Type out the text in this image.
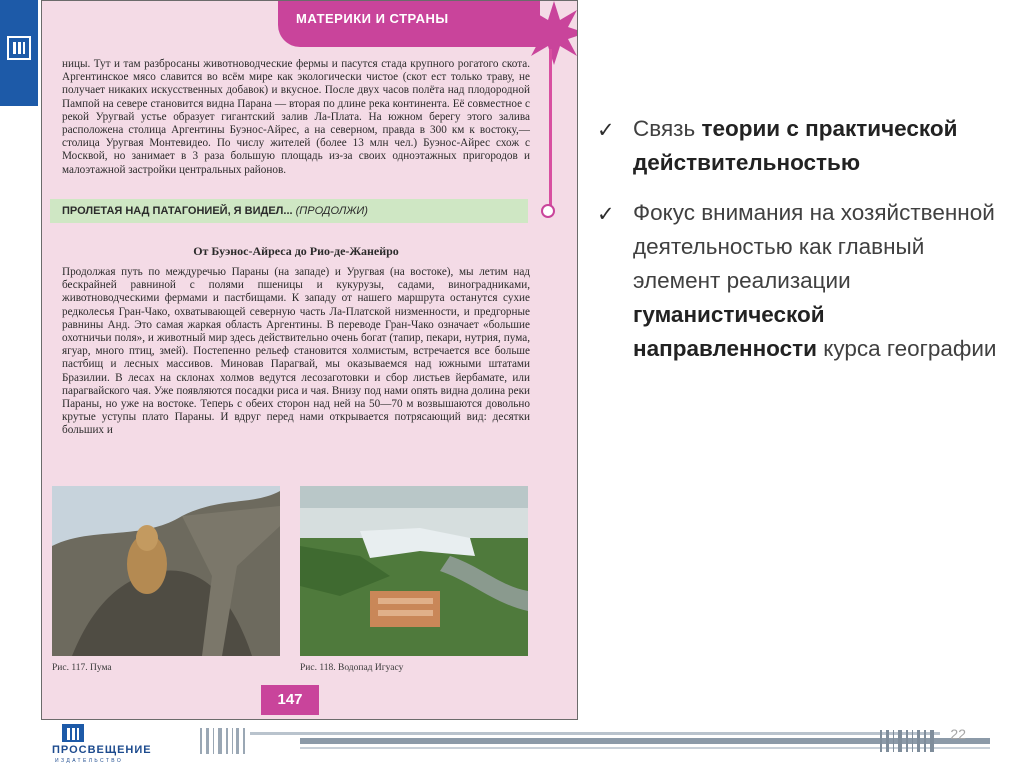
МАТЕРИКИ И СТРАНЫ

ницы. Тут и там разбросаны животноводческие фермы и пасутся стада крупного рогатого скота. Аргентинское мясо славится во всём мире как экологически чистое (скот ест только траву, не получает никаких искусственных добавок) и вкусное. После двух часов полёта над плодородной Пампой на севере становится видна Парана — вторая по длине река континента. Её совместное с рекой Уругвай устье образует гигантский залив Ла-Плата. На южном берегу этого залива расположена столица Аргентины Буэнос-Айрес, а на северном, правда в 300 км к востоку,— столица Уругвая Монтевидео. По числу жителей (более 13 млн чел.) Буэнос-Айрес схож с Москвой, но занимает в 3 раза большую площадь из-за своих одноэтажных пригородов и малоэтажной застройки центральных районов.

ПРОЛЕТАЯ НАД ПАТАГОНИЕЙ, Я ВИДЕЛ... (ПРОДОЛЖИ)
От Буэнос-Айреса до Рио-де-Жанейро

Продолжая путь по междуречью Параны (на западе) и Уругвая (на востоке), мы летим над бескрайней равниной с полями пшеницы и кукурузы, садами, виноградниками, животноводческими фермами и пастбищами. К западу от нашего маршрута останутся сухие редколесья Гран-Чако, охватывающей северную часть Ла-Платской низменности, и предгорные равнины Анд. Это самая жаркая область Аргентины. В переводе Гран-Чако означает «большие охотничьи поля», и животный мир здесь действительно очень богат (тапир, пекари, нутрия, пума, ягуар, много птиц, змей). Постепенно рельеф становится холмистым, встречается все больше пастбищ и лесных массивов. Миновав Парагвай, мы оказываемся над южными штатами Бразилии. В лесах на склонах холмов ведутся лесозаготовки и сбор листьев йербамате, или парагвайского чая. Уже появляются посадки риса и чая. Внизу под нами опять видна долина реки Параны, но уже на востоке. Теперь с обеих сторон над ней на 50—70 м возвышаются довольно крутые уступы плато Параны. И вдруг перед нами открывается потрясающий вид: десятки больших и

Рис. 117. Пума	Рис. 118. Водопад Игуасу
147
✓ Связь теории с практической действительностью
✓ Фокус внимания на хозяйственной деятельностью как главный элемент реализации гуманистической направленности курса географии
ПРОСВЕЩЕНИЕ
ИЗДАТЕЛЬСТВО
22
